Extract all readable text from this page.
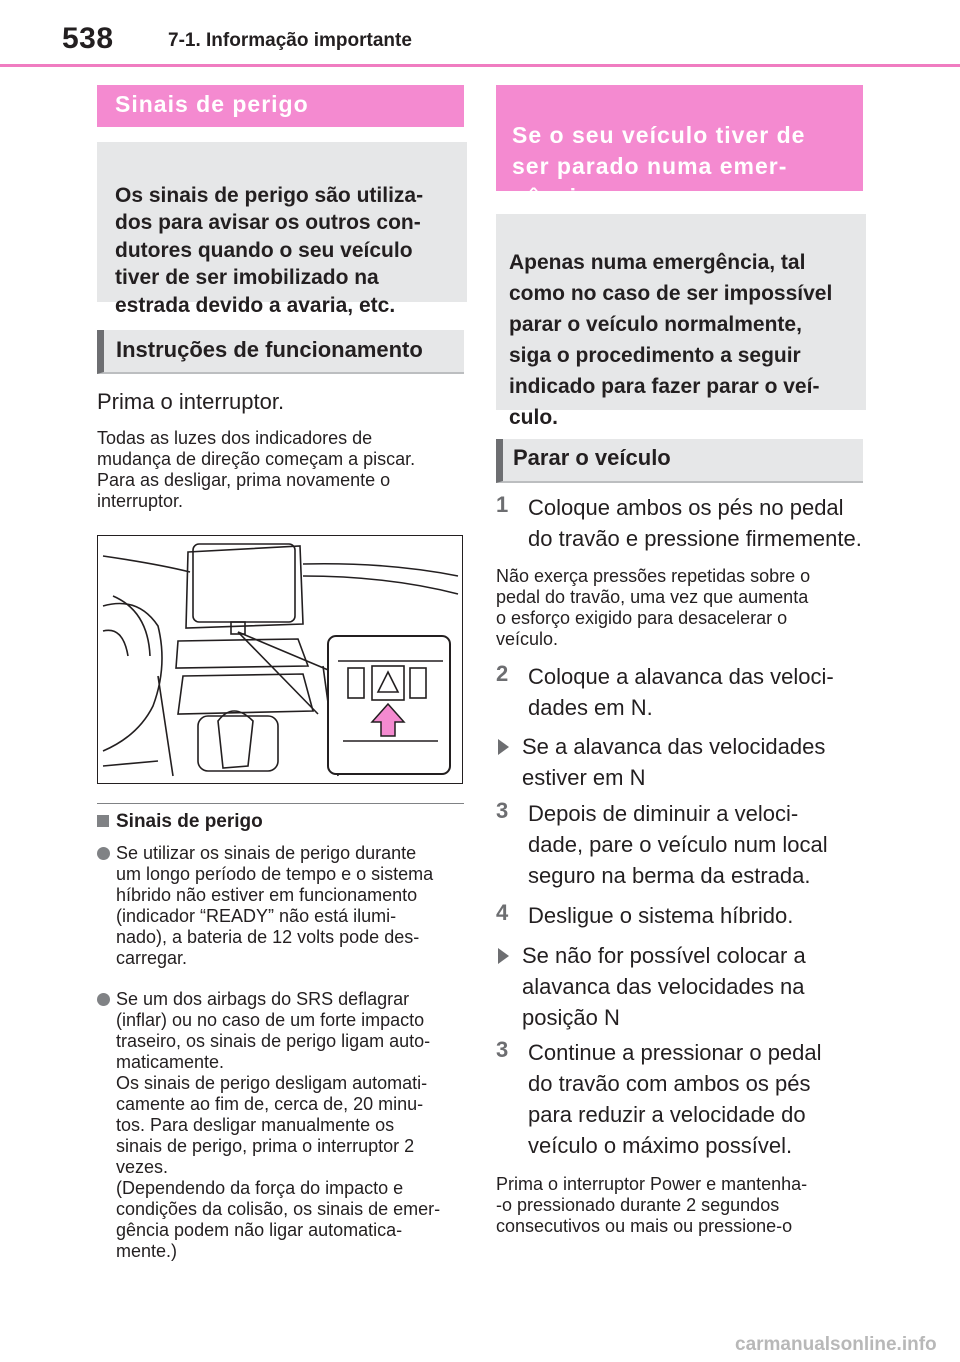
538	7-1. Informação importante
Sinais de perigo

Os sinais de perigo são utiliza-
dos para avisar os outros con-
dutores quando o seu veículo
tiver de ser imobilizado na
estrada devido a avaria, etc.

Instruções de funcionamento
Prima o interruptor.
Todas as luzes dos indicadores de
mudança de direção começam a piscar.
Para as desligar, prima novamente o
interruptor.
Sinais de perigo
Se utilizar os sinais de perigo durante
um longo período de tempo e o sistema
híbrido não estiver em funcionamento
(indicador “READY” não está ilumi-
nado), a bateria de 12 volts pode des-
carregar.
Se um dos airbags do SRS deflagrar
(inflar) ou no caso de um forte impacto
traseiro, os sinais de perigo ligam auto-
maticamente.
Os sinais de perigo desligam automati-
camente ao fim de, cerca de, 20 minu-
tos. Para desligar manualmente os
sinais de perigo, prima o interruptor 2
vezes.
(Dependendo da força do impacto e
condições da colisão, os sinais de emer-
gência podem não ligar automatica-
mente.)

Se o seu veículo tiver de
ser parado numa emer-
gência

Apenas numa emergência, tal
como no caso de ser impossível
parar o veículo normalmente,
siga o procedimento a seguir
indicado para fazer parar o veí-
culo.

Parar o veículo
1 Coloque ambos os pés no pedal
do travão e pressione firmemente.
Não exerça pressões repetidas sobre o
pedal do travão, uma vez que aumenta
o esforço exigido para desacelerar o
veículo.
2 Coloque a alavanca das veloci-
dades em N.
Se a alavanca das velocidades
estiver em N
3 Depois de diminuir a veloci-
dade, pare o veículo num local
seguro na berma da estrada.
4 Desligue o sistema híbrido.
Se não for possível colocar a
alavanca das velocidades na
posição N
3 Continue a pressionar o pedal
do travão com ambos os pés
para reduzir a velocidade do
veículo o máximo possível.
Prima o interruptor Power e mantenha-
-o pressionado durante 2 segundos
consecutivos ou mais ou pressione-o
carmanualsonline.info
